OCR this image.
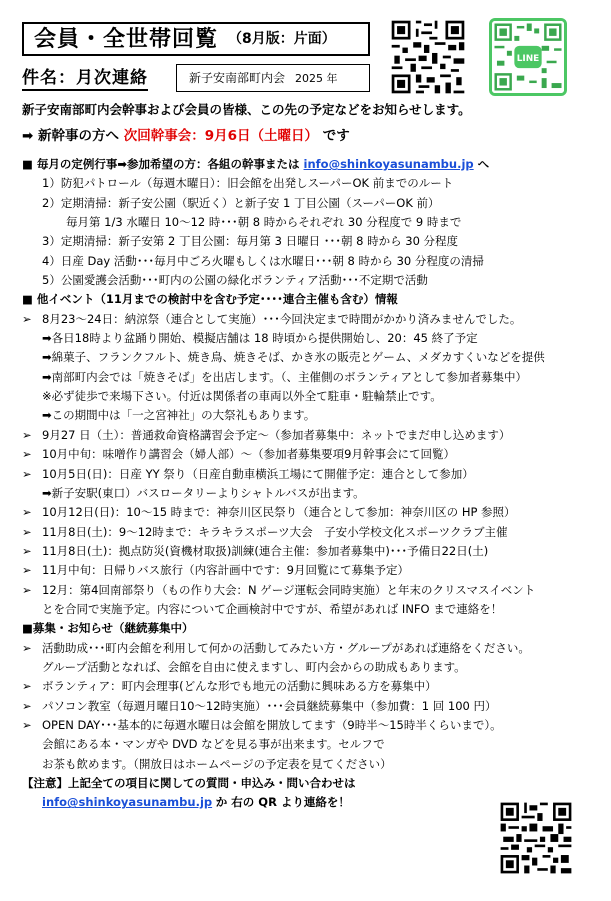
会員・全世帯回覧 （8月版：片面）
件名：月次連絡	新子安南部町内会 2025 年
LINE
新子安南部町内会幹事および会員の皆様、この先の予定などをお知らせします。
➡ 新幹事の方へ 次回幹事会：9月6日（土曜日） です
■ 毎月の定例行事➡参加希望の方：各組の幹事または info@shinkoyasunambu.jp へ
1）防犯パトロール（毎週木曜日）：旧会館を出発しスーパーOK 前までのルート
2）定期清掃：新子安公園（駅近く）と新子安 1 丁目公園（スーパーOK 前）
毎月第 1/3 水曜日 10～12 時･･･朝 8 時からそれぞれ 30 分程度で 9 時まで
3）定期清掃：新子安第 2 丁目公園：毎月第 3 日曜日 ･･･朝 8 時から 30 分程度
4）日産 Day 活動･･･毎月中ごろ火曜もしくは水曜日･･･朝 8 時から 30 分程度の清掃
5）公園愛護会活動･･･町内の公園の緑化ボランティア活動･･･不定期で活動
■ 他イベント（11月までの検討中を含む予定････連合主催も含む）情報
➢ 8月23～24日：納涼祭（連合として実施）･･･今回決定まで時間がかかり済みませんでした。
➡各日18時より盆踊り開始、模擬店舗は 18 時頃から提供開始し、20：45 終了予定
➡綿菓子、フランクフルト、焼き鳥、焼きそば、かき氷の販売とゲーム、メダカすくいなどを提供
➡南部町内会では「焼きそば」を出店します。（、主催側のボランティアとして参加者募集中）
※必ず徒歩で来場下さい。付近は関係者の車両以外全て駐車・駐輪禁止です。
➡この期間中は「一之宮神社」の大祭礼もあります。
➢ 9月27 日（土）：普通救命資格講習会予定～（参加者募集中：ネットでまだ申し込めます）
➢ 10月中旬：味噌作り講習会（婦人部）～（参加者募集要項9月幹事会にて回覧）
➢ 10月5日(日)：日産 YY 祭り（日産自動車横浜工場にて開催予定：連合として参加）
➡新子安駅(東口）バスロータリーよりシャトルバスが出ます。
➢ 10月12日(日)：10～15 時まで：神奈川区民祭り（連合として参加：神奈川区の HP 参照）
➢ 11月8日(土)：9～12時まで：キラキラスポーツ大会　子安小学校文化スポーツクラブ主催
➢ 11月8日(土)：拠点防災(資機材取扱)訓練(連合主催：参加者募集中)･･･予備日22日(土)
➢ 11月中旬：日帰りバス旅行（内容計画中です：9月回覧にて募集予定）
➢ 12月：第4回南部祭り（もの作り大会：N ゲージ運転会同時実施）と年末のクリスマスイベント
とを合同で実施予定。内容について企画検討中ですが、希望があれば INFO まで連絡を！
■募集・お知らせ（継続募集中）
➢ 活動助成･･･町内会館を利用して何かの活動してみたい方・グループがあれば連絡をください。
グループ活動となれば、会館を自由に使えますし、町内会からの助成もあります。
➢ ボランティア：町内会理事(どんな形でも地元の活動に興味ある方を募集中）
➢ パソコン教室（毎週月曜日10～12時実施）･･･会員継続募集中（参加費：1 回 100 円）
➢ OPEN DAY･･･基本的に毎週水曜日は会館を開放してます（9時半～15時半くらいまで）。
会館にある本・マンガや DVD などを見る事が出来ます。セルフで
お茶も飲めます。（開放日はホームページの予定表を見てください）
【注意】上記全ての項目に関しての質問・申込み・問い合わせは
info@shinkoyasunambu.jp か 右の QR より連絡を！
